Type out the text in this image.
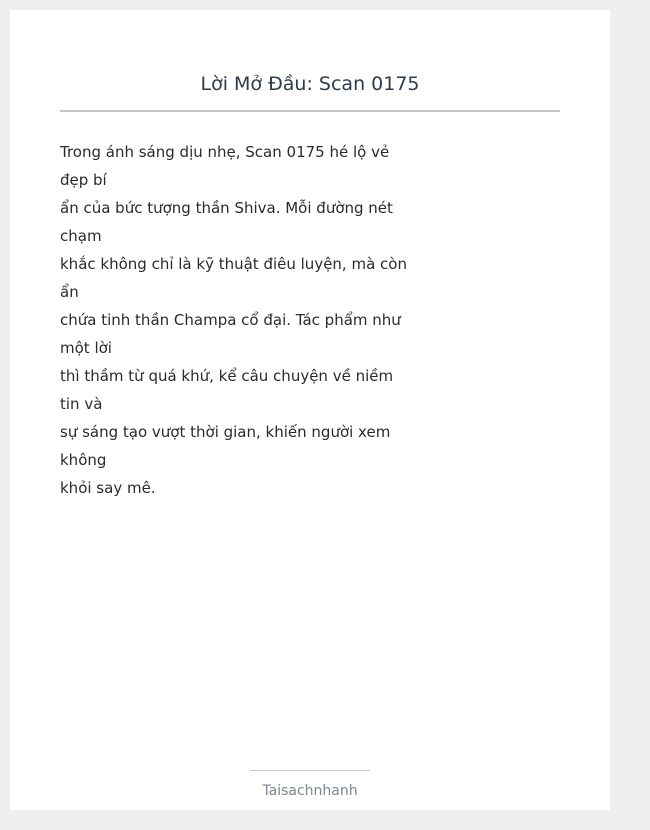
Lời Mở Đầu: Scan 0175
Trong ánh sáng dịu nhẹ, Scan 0175 hé lộ vẻ
đẹp bí
ẩn của bức tượng thần Shiva. Mỗi đường nét
chạm
khắc không chỉ là kỹ thuật điêu luyện, mà còn
ẩn
chứa tinh thần Champa cổ đại. Tác phẩm như
một lời
thì thầm từ quá khứ, kể câu chuyện về niềm
tin và
sự sáng tạo vượt thời gian, khiến người xem
không
khỏi say mê.
Taisachnhanh
